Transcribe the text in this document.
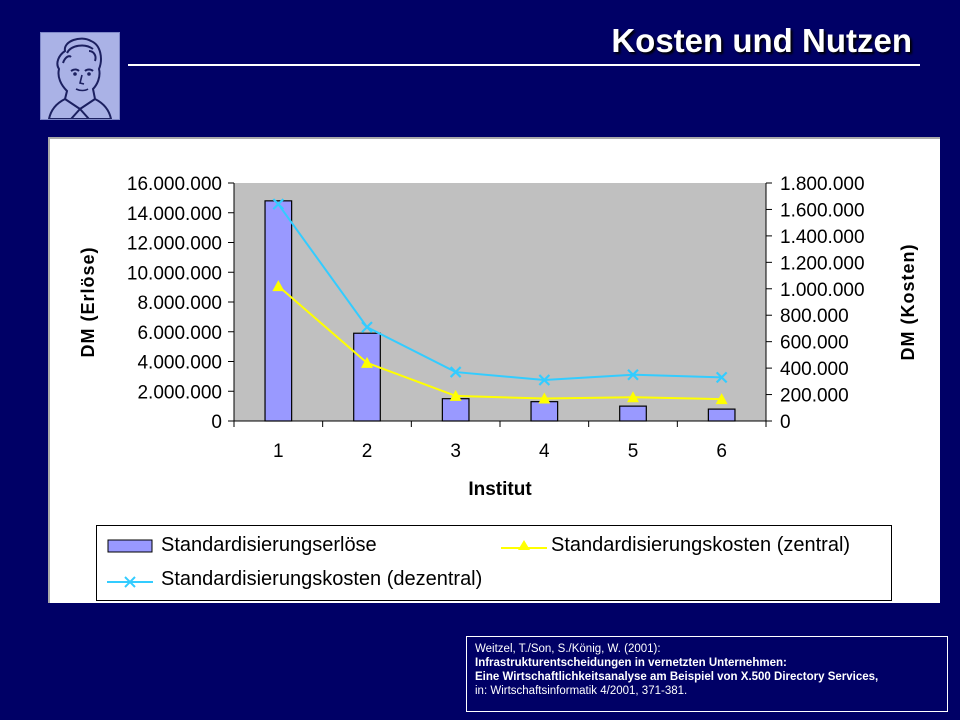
Kosten und Nutzen
0
2.000.000
4.000.000
6.000.000
8.000.000
10.000.000
12.000.000
14.000.000
16.000.000
0
200.000
400.000
600.000
800.000
1.000.000
1.200.000
1.400.000
1.600.000
1.800.000
1	2	3	4	5	6
Institut
DM (Erlöse)	DM (Kosten)
Standardisierungserlöse	Standardisierungskosten (zentral)
Standardisierungskosten (dezentral)
Weitzel, T./Son, S./König, W. (2001):
Infrastrukturentscheidungen in vernetzten Unternehmen:
Eine Wirtschaftlichkeitsanalyse am Beispiel von X.500 Directory Services,
in: Wirtschaftsinformatik 4/2001, 371-381.
